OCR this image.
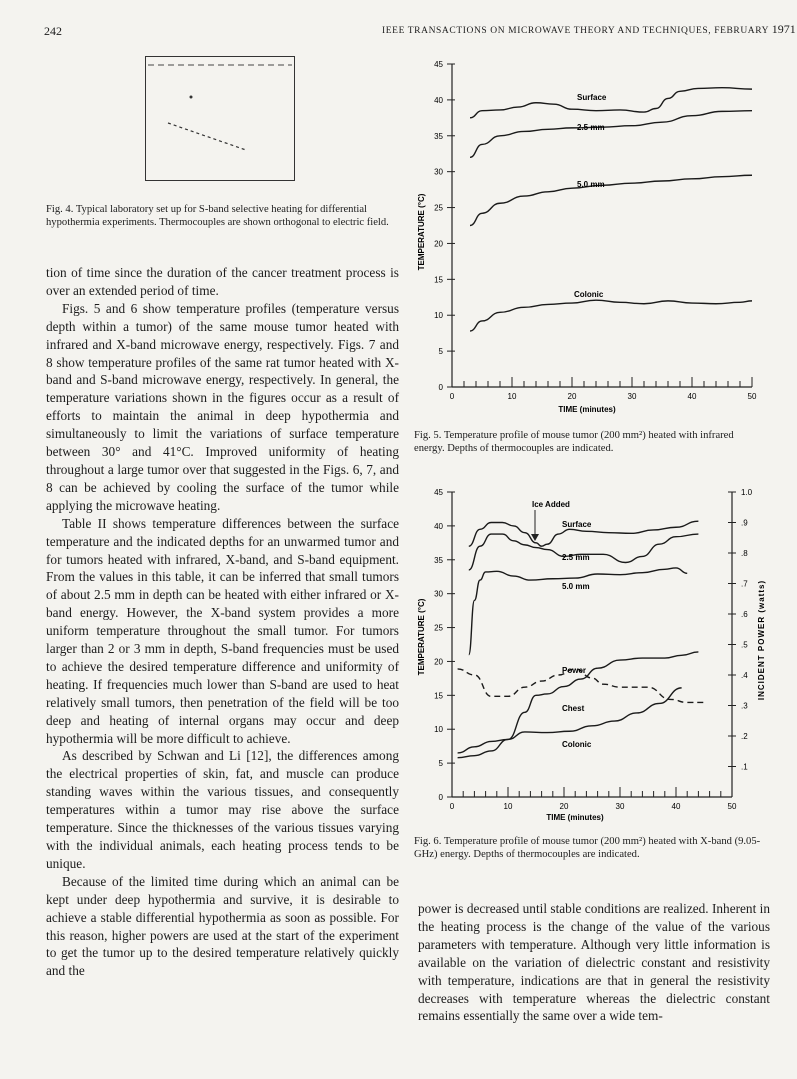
242	IEEE TRANSACTIONS ON MICROWAVE THEORY AND TECHNIQUES, FEBRUARY 1971
Fig. 4. Typical laboratory set up for S-band selective heating for differential hypothermia experiments. Thermocouples are shown orthogonal to electric field.

tion of time since the duration of the cancer treatment process is over an extended period of time.

Figs. 5 and 6 show temperature profiles (temperature versus depth within a tumor) of the same mouse tumor heated with infrared and X-band microwave energy, respectively. Figs. 7 and 8 show temperature profiles of the same rat tumor heated with X-band and S-band microwave energy, respectively. In general, the temperature variations shown in the figures occur as a result of efforts to maintain the animal in deep hypothermia and simultaneously to limit the variations of surface temperature between 30° and 41°C. Improved uniformity of heating throughout a large tumor over that suggested in the Figs. 6, 7, and 8 can be achieved by cooling the surface of the tumor while applying the microwave heating.

Table II shows temperature differences between the surface temperature and the indicated depths for an unwarmed tumor and for tumors heated with infrared, X-band, and S-band equipment. From the values in this table, it can be inferred that small tumors of about 2.5 mm in depth can be heated with either infrared or X-band energy. However, the X-band system provides a more uniform temperature throughout the small tumor. For tumors larger than 2 or 3 mm in depth, S-band frequencies must be used to achieve the desired temperature difference and uniformity of heating. If frequencies much lower than S-band are used to heat relatively small tumors, then penetration of the field will be too deep and heating of internal organs may occur and deep hypothermia will be more difficult to achieve.

As described by Schwan and Li [12], the differences among the electrical properties of skin, fat, and muscle can produce standing waves within the various tissues, and consequently temperatures within a tumor may rise above the surface temperature. Since the thicknesses of the various tissues varying with the individual animals, each heating process tends to be unique.

Because of the limited time during which an animal can be kept under deep hypothermia and survive, it is desirable to achieve a stable differential hypothermia as soon as possible. For this reason, higher powers are used at the start of the experiment to get the tumor up to the desired temperature relatively quickly and the

0	10	20	30	40	50
0
5
10
15
20
25
30
35
40
45
Surface
2.5 mm
5.0 mm
Colonic
TIME (minutes)
TEMPERATURE (°C)
Fig. 5. Temperature profile of mouse tumor (200 mm²) heated with infrared energy. Depths of thermocouples are indicated.
0	10	20	30	40	50
0
5
10
15
20
25
30
35
40
45
.1
.2
.3
.4
.5
.6
.7
.8
.9
1.0
Surface
2.5 mm
5.0 mm
Chest
Colonic
Power
Ice Added
TIME (minutes)
TEMPERATURE (°C)	INCIDENT POWER (watts)
Fig. 6. Temperature profile of mouse tumor (200 mm²) heated with X-band (9.05-GHz) energy. Depths of thermocouples are indicated.

power is decreased until stable conditions are realized. Inherent in the heating process is the change of the value of the various parameters with temperature. Although very little information is available on the variation of dielectric constant and resistivity with temperature, indications are that in general the resistivity decreases with temperature whereas the dielectric constant remains essentially the same over a wide tem-
